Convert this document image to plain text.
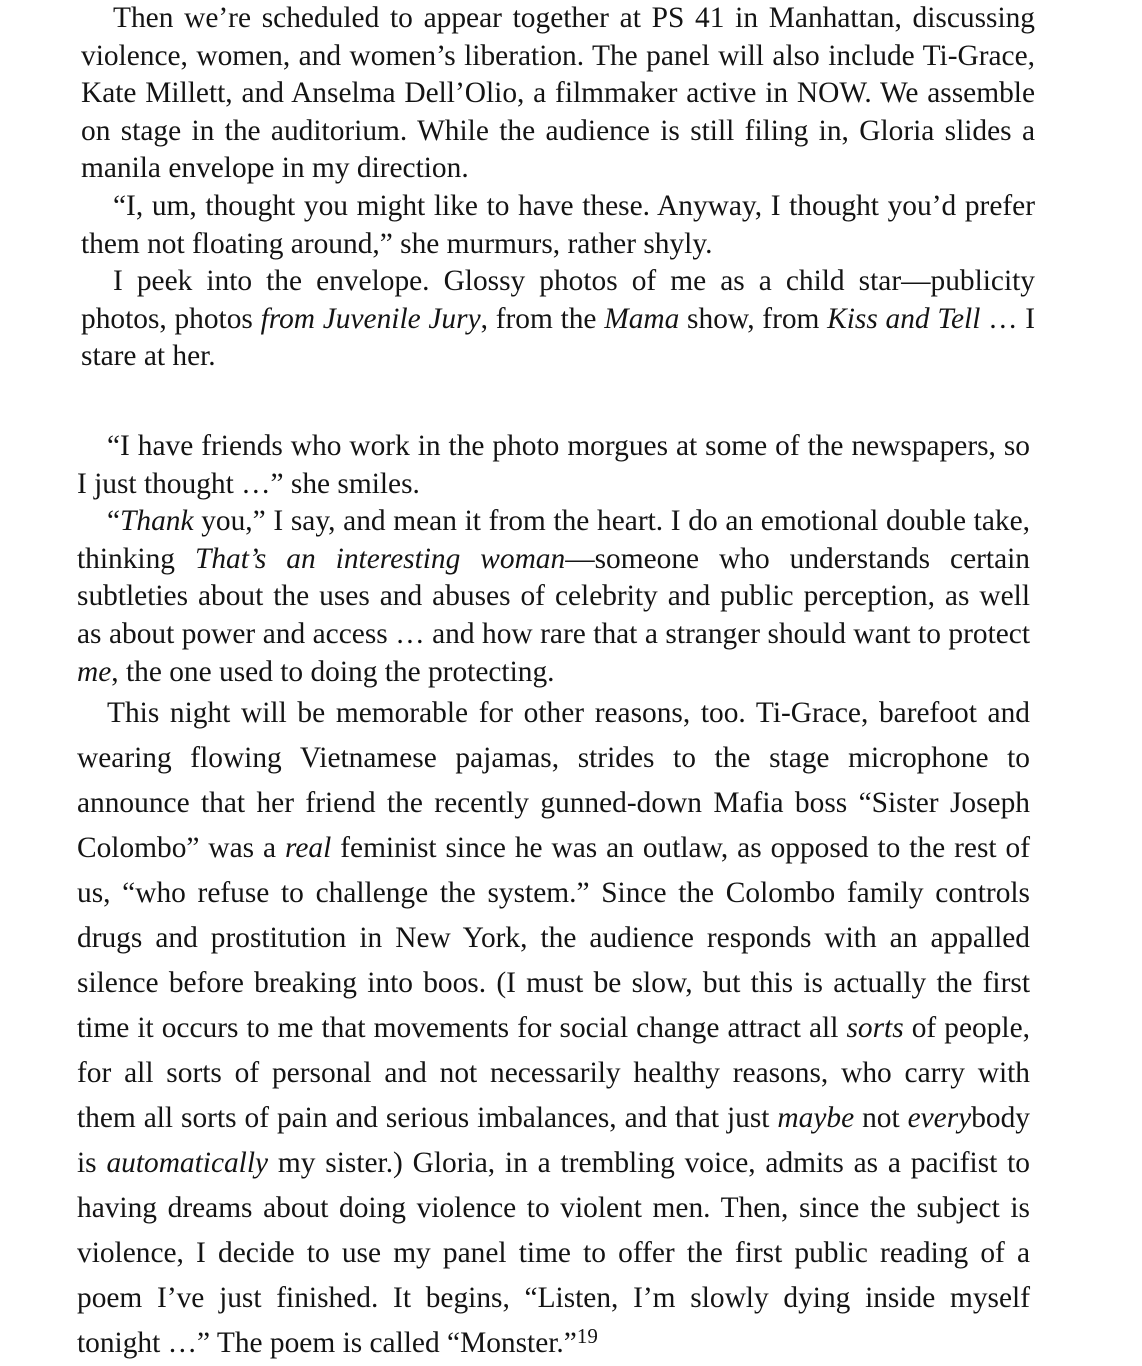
Then we’re scheduled to appear together at PS 41 in Manhattan, discussing violence, women, and women’s liberation. The panel will also include Ti-Grace, Kate Millett, and Anselma Dell’Olio, a filmmaker active in NOW. We assemble on stage in the auditorium. While the audience is still filing in, Gloria slides a manila envelope in my direction.

“I, um, thought you might like to have these. Anyway, I thought you’d prefer them not floating around,” she murmurs, rather shyly.

I peek into the envelope. Glossy photos of me as a child star—publicity photos, photos from Juvenile Jury, from the Mama show, from Kiss and Tell … I stare at her.

“I have friends who work in the photo morgues at some of the newspapers, so I just thought …” she smiles.

“Thank you,” I say, and mean it from the heart. I do an emotional double take, thinking That’s an interesting woman—someone who understands certain subtleties about the uses and abuses of celebrity and public perception, as well as about power and access … and how rare that a stranger should want to protect me, the one used to doing the protecting.

This night will be memorable for other reasons, too. Ti-Grace, barefoot and wearing flowing Vietnamese pajamas, strides to the stage microphone to announce that her friend the recently gunned-down Mafia boss “Sister Joseph Colombo” was a real feminist since he was an outlaw, as opposed to the rest of us, “who refuse to challenge the system.” Since the Colombo family controls drugs and prostitution in New York, the audience responds with an appalled silence before breaking into boos. (I must be slow, but this is actually the first time it occurs to me that movements for social change attract all sorts of people, for all sorts of personal and not necessarily healthy reasons, who carry with them all sorts of pain and serious imbalances, and that just maybe not everybody is automatically my sister.) Gloria, in a trembling voice, admits as a pacifist to having dreams about doing violence to violent men. Then, since the subject is violence, I decide to use my panel time to offer the first public reading of a poem I’ve just finished. It begins, “Listen, I’m slowly dying inside myself tonight …” The poem is called “Monster.”$^{19}$
